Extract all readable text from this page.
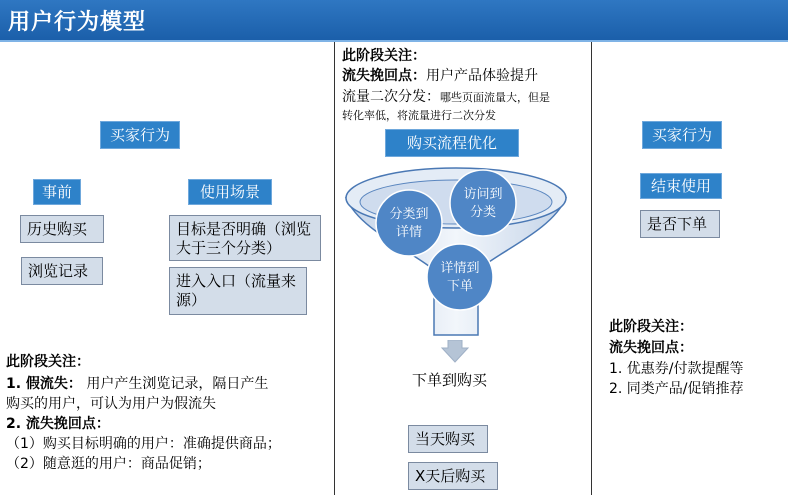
用户行为模型
买家行为
事前	使用场景
历史购买
浏览记录
目标是否明确（浏览大于三个分类）
进入入口（流量来源）
此阶段关注：
1. 假流失： 用户产生浏览记录，隔日产生
购买的用户，可认为用户为假流失
2. 流失挽回点：
（1）购买目标明确的用户：准确提供商品；
（2）随意逛的用户：商品促销；
此阶段关注：
流失挽回点：用户产品体验提升
流量二次分发：哪些页面流量大，但是
转化率低，将流量进行二次分发
购买流程优化
分类到
详情
访问到
分类
详情到
下单
下单到购买
当天购买
X天后购买
买家行为
结束使用
是否下单
此阶段关注：
流失挽回点：
1. 优惠券/付款提醒等
2. 同类产品/促销推荐
